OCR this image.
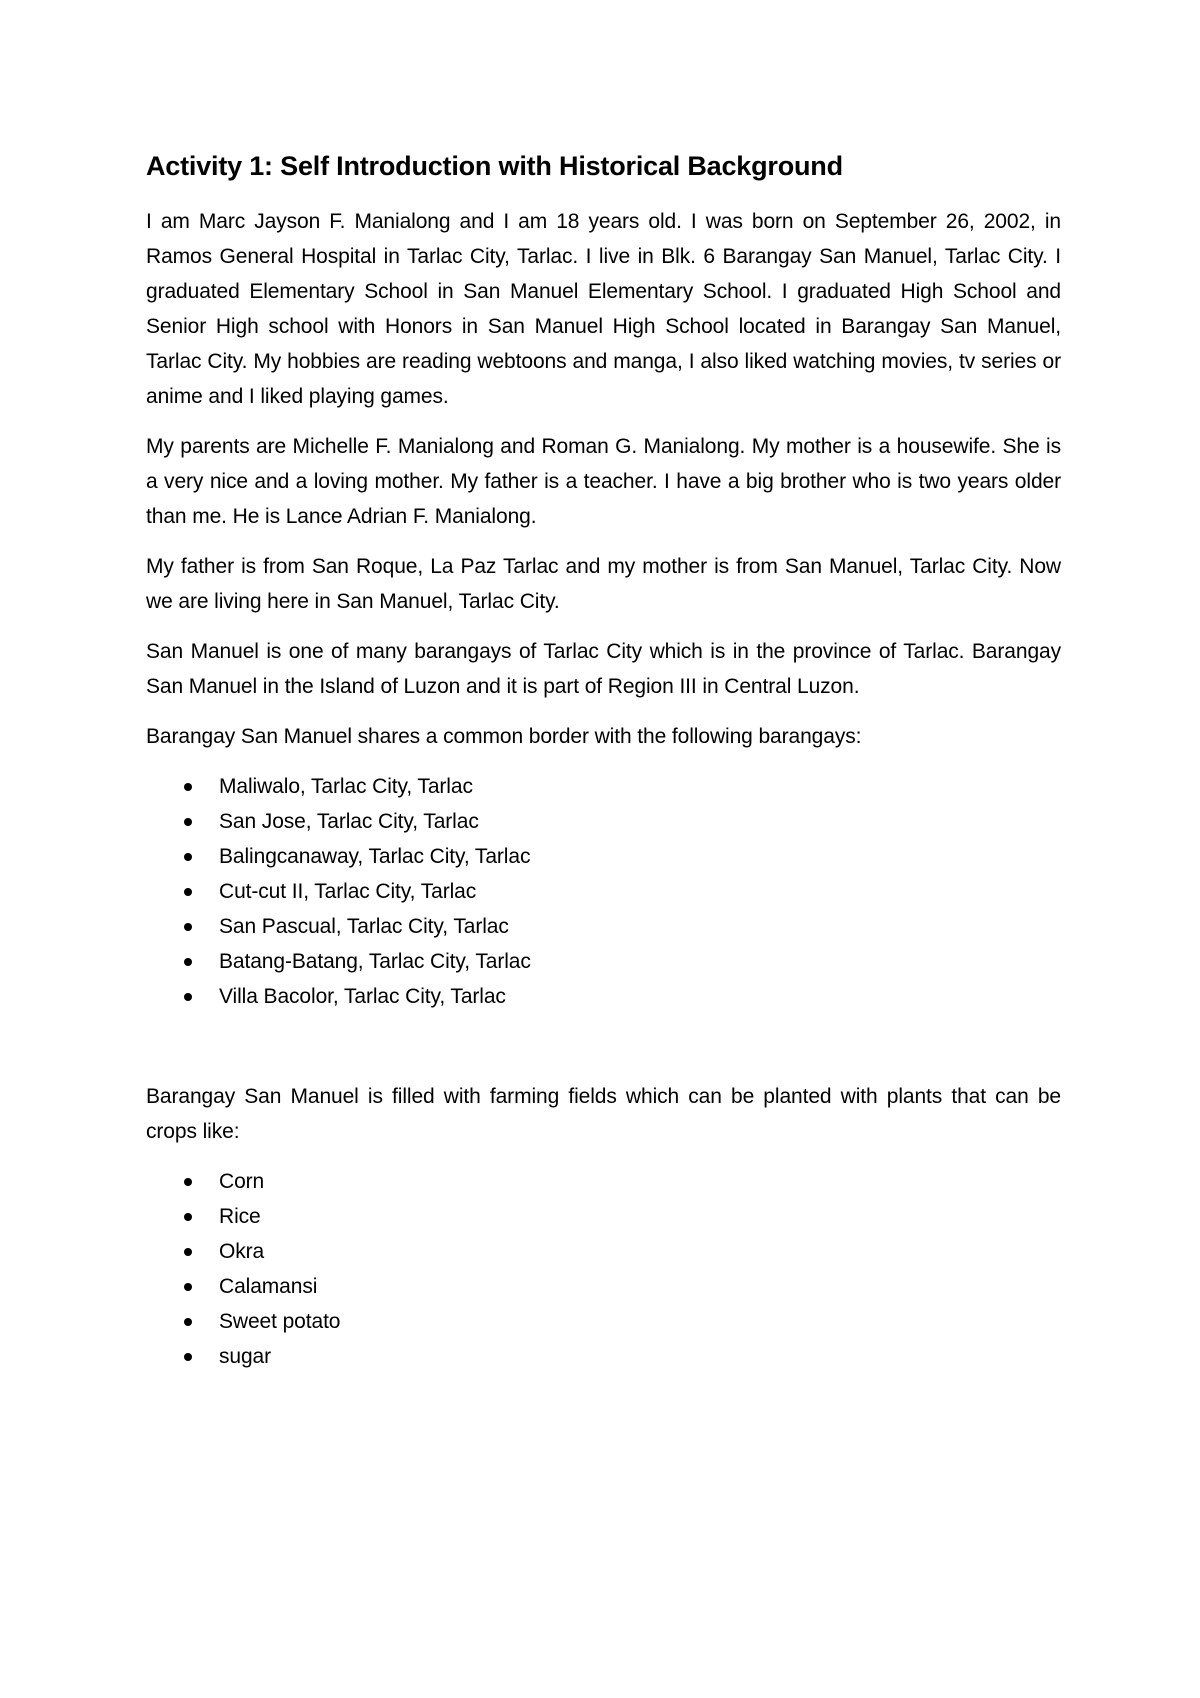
Activity 1: Self Introduction with Historical Background

I am Marc Jayson F. Manialong and I am 18 years old. I was born on September 26, 2002, in Ramos General Hospital in Tarlac City, Tarlac. I live in Blk. 6 Barangay San Manuel, Tarlac City. I graduated Elementary School in San Manuel Elementary School. I graduated High School and Senior High school with Honors in San Manuel High School located in Barangay San Manuel, Tarlac City. My hobbies are reading webtoons and manga, I also liked watching movies, tv series or anime and I liked playing games.

My parents are Michelle F. Manialong and Roman G. Manialong. My mother is a housewife. She is a very nice and a loving mother. My father is a teacher. I have a big brother who is two years older than me. He is Lance Adrian F. Manialong.

My father is from San Roque, La Paz Tarlac and my mother is from San Manuel, Tarlac City. Now we are living here in San Manuel, Tarlac City.

San Manuel is one of many barangays of Tarlac City which is in the province of Tarlac. Barangay San Manuel in the Island of Luzon and it is part of Region III in Central Luzon.

Barangay San Manuel shares a common border with the following barangays:

Maliwalo, Tarlac City, Tarlac
San Jose, Tarlac City, Tarlac
Balingcanaway, Tarlac City, Tarlac
Cut-cut II, Tarlac City, Tarlac
San Pascual, Tarlac City, Tarlac
Batang-Batang, Tarlac City, Tarlac
Villa Bacolor, Tarlac City, Tarlac

Barangay San Manuel is filled with farming fields which can be planted with plants that can be crops like:

Corn
Rice
Okra
Calamansi
Sweet potato
sugar
